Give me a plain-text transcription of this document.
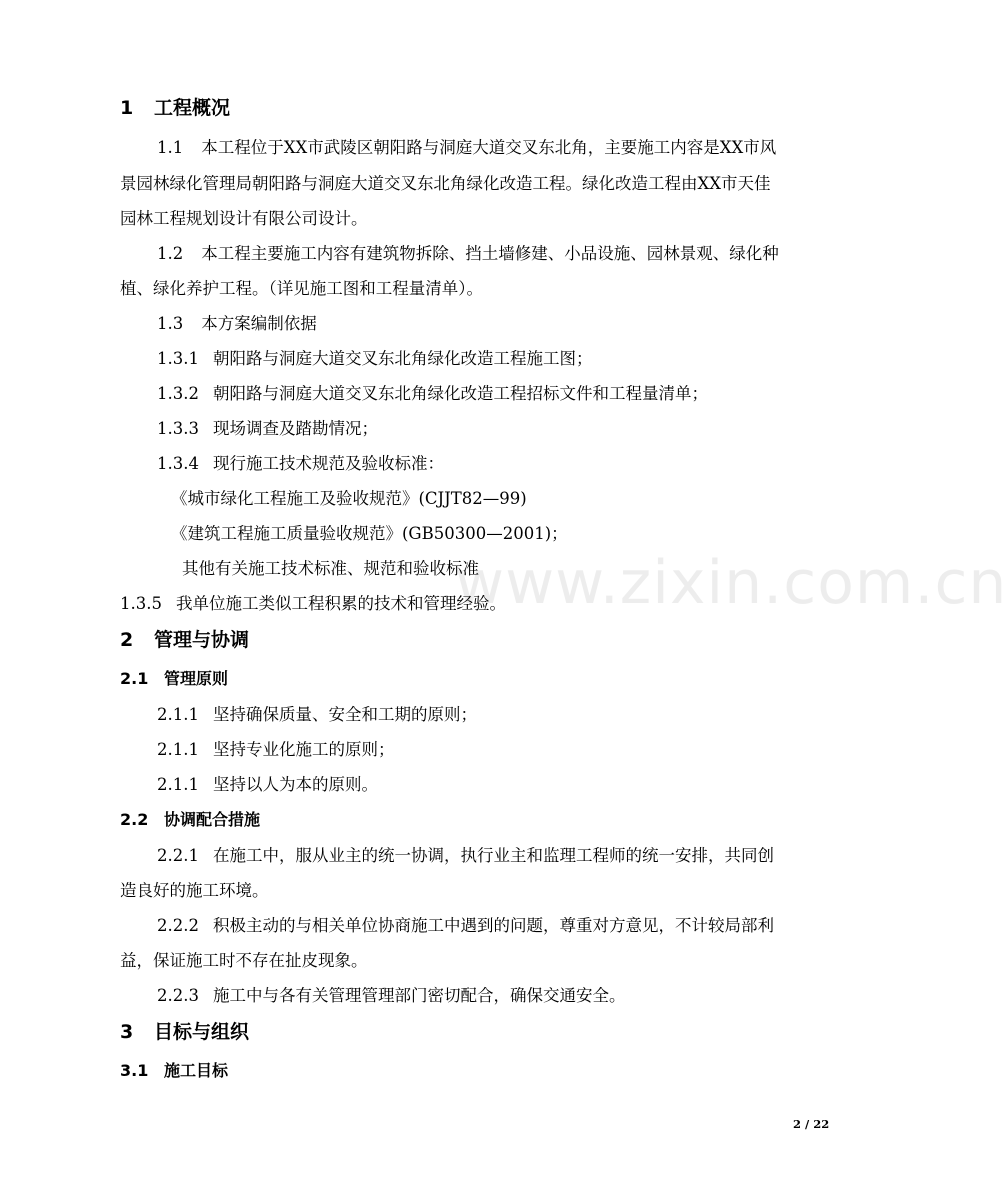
1 工程概况
1.1 本工程位于XX市武陵区朝阳路与洞庭大道交叉东北角，主要施工内容是XX市风
景园林绿化管理局朝阳路与洞庭大道交叉东北角绿化改造工程。绿化改造工程由XX市天佳
园林工程规划设计有限公司设计。
1.2 本工程主要施工内容有建筑物拆除、挡土墙修建、小品设施、园林景观、绿化种
植、绿化养护工程。（详见施工图和工程量清单）。
1.3 本方案编制依据
1.3.1 朝阳路与洞庭大道交叉东北角绿化改造工程施工图；
1.3.2 朝阳路与洞庭大道交叉东北角绿化改造工程招标文件和工程量清单；
1.3.3 现场调查及踏勘情况；
1.3.4 现行施工技术规范及验收标准：
《城市绿化工程施工及验收规范》(CJJT82—99)
《建筑工程施工质量验收规范》(GB50300—2001)；
其他有关施工技术标准、规范和验收标准
1.3.5 我单位施工类似工程积累的技术和管理经验。
2 管理与协调
2.1 管理原则
2.1.1 坚持确保质量、安全和工期的原则；
2.1.1 坚持专业化施工的原则；
2.1.1 坚持以人为本的原则。
2.2 协调配合措施
2.2.1 在施工中，服从业主的统一协调，执行业主和监理工程师的统一安排，共同创
造良好的施工环境。
2.2.2 积极主动的与相关单位协商施工中遇到的问题，尊重对方意见，不计较局部利
益，保证施工时不存在扯皮现象。
2.2.3 施工中与各有关管理管理部门密切配合，确保交通安全。
3 目标与组织
3.1 施工目标
www.zixin.com.cn
2 / 22
